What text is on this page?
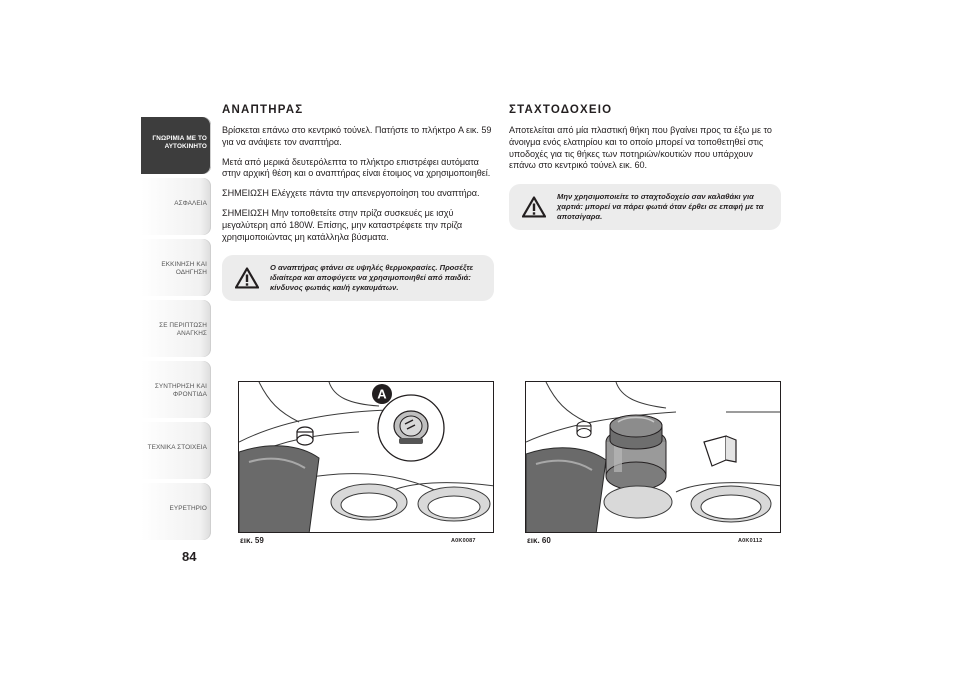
ΓΝΩΡΙΜΙΑ ΜΕ ΤΟ
ΑΥΤΟΚΙΝΗΤΟ
ΑΣΦΑΛΕΙΑ
ΕΚΚΙΝΗΣΗ ΚΑΙ
ΟΔΗΓΗΣΗ
ΣΕ ΠΕΡΙΠΤΩΣΗ
ΑΝΑΓΚΗΣ
ΣΥΝΤΗΡΗΣΗ ΚΑΙ
ΦΡΟΝΤΙΔΑ
ΤΕΧΝΙΚΑ ΣΤΟΙΧΕΙΑ
ΕΥΡΕΤΗΡΙΟ
84
ΑΝΑΠΤΗΡΑΣ

Βρίσκεται επάνω στο κεντρικό τούνελ. Πατήστε το πλήκτρο A εικ. 59 για να ανάψετε τον αναπτήρα.

Μετά από μερικά δευτερόλεπτα το πλήκτρο επιστρέφει αυτόματα στην αρχική θέση και ο αναπτήρας είναι έτοιμος να χρησιμοποιηθεί.

ΣΗΜΕΙΩΣΗ Ελέγχετε πάντα την απενεργοποίηση του αναπτήρα.

ΣΗΜΕΙΩΣΗ Μην τοποθετείτε στην πρίζα συσκευές με ισχύ μεγαλύτερη από 180W. Επίσης, μην καταστρέφετε την πρίζα χρησιμοποιώντας μη κατάλληλα βύσματα.

Ο αναπτήρας φτάνει σε υψηλές θερμοκρασίες. Προσέξτε ιδιαίτερα και αποφύγετε να χρησιμοποιηθεί από παιδιά: κίνδυνος φωτιάς και/ή εγκαυμάτων.
ΣΤΑΧΤΟΔΟΧΕΙΟ

Αποτελείται από μία πλαστική θήκη που βγαίνει προς τα έξω με το άνοιγμα ενός ελατηρίου και το οποίο μπορεί να τοποθετηθεί στις υποδοχές για τις θήκες των ποτηριών/κουτιών που υπάρχουν επάνω στο κεντρικό τούνελ εικ. 60.

Μην χρησιμοποιείτε το σταχτοδοχείο σαν καλαθάκι για χαρτιά: μπορεί να πάρει φωτιά όταν έρθει σε επαφή με τα αποτσίγαρα.
A
εικ. 59	A0K0087	εικ. 60	A0K0112
